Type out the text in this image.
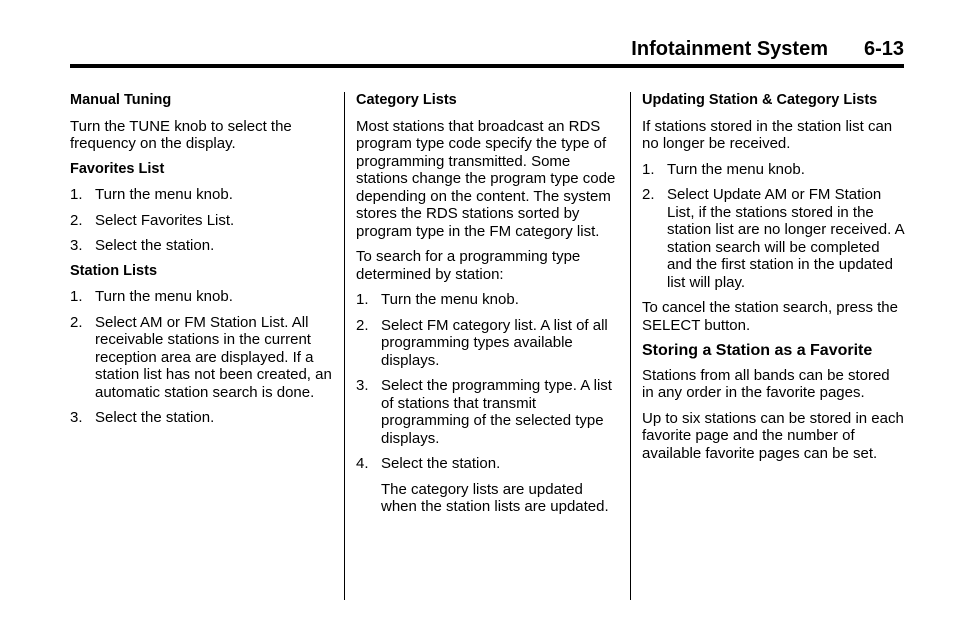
Infotainment System 6-13
Manual Tuning
Turn the TUNE knob to select the frequency on the display.
Favorites List
1. Turn the menu knob.
2. Select Favorites List.
3. Select the station.
Station Lists
1. Turn the menu knob.
2. Select AM or FM Station List. All receivable stations in the current reception area are displayed. If a station list has not been created, an automatic station search is done.
3. Select the station.
Category Lists
Most stations that broadcast an RDS program type code specify the type of programming transmitted. Some stations change the program type code depending on the content. The system stores the RDS stations sorted by program type in the FM category list.
To search for a programming type determined by station:
1. Turn the menu knob.
2. Select FM category list. A list of all programming types available displays.
3. Select the programming type. A list of stations that transmit programming of the selected type displays.
4. Select the station.
The category lists are updated when the station lists are updated.
Updating Station & Category Lists
If stations stored in the station list can no longer be received.
1. Turn the menu knob.
2. Select Update AM or FM Station List, if the stations stored in the station list are no longer received. A station search will be completed and the first station in the updated list will play.
To cancel the station search, press the SELECT button.
Storing a Station as a Favorite
Stations from all bands can be stored in any order in the favorite pages.
Up to six stations can be stored in each favorite page and the number of available favorite pages can be set.
